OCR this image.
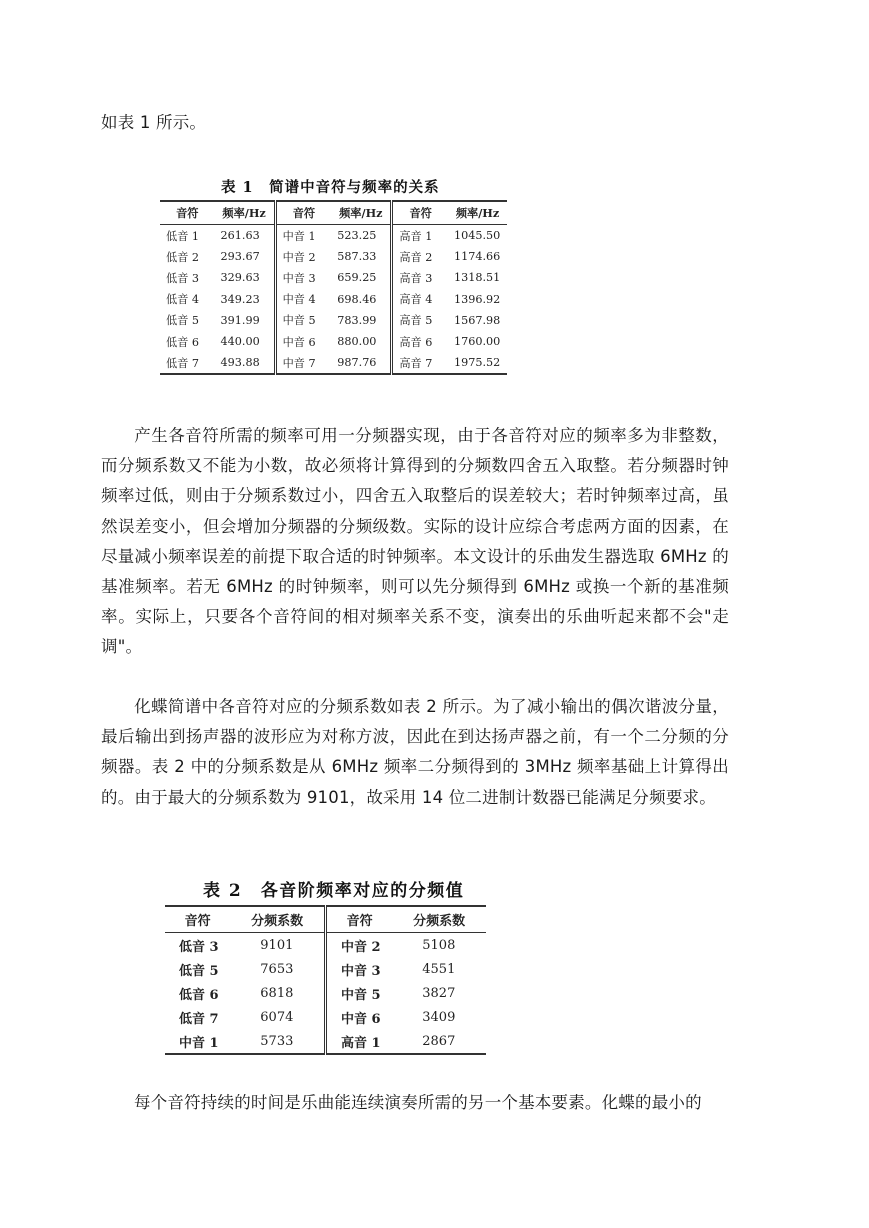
如表 1 所示。
表 1　简谱中音符与频率的关系
音符	频率/Hz	音符	频率/Hz	音符	频率/Hz
低音 1	261.63	中音 1	523.25	高音 1	1045.50
低音 2	293.67	中音 2	587.33	高音 2	1174.66
低音 3	329.63	中音 3	659.25	高音 3	1318.51
低音 4	349.23	中音 4	698.46	高音 4	1396.92
低音 5	391.99	中音 5	783.99	高音 5	1567.98
低音 6	440.00	中音 6	880.00	高音 6	1760.00
低音 7	493.88	中音 7	987.76	高音 7	1975.52
产生各音符所需的频率可用一分频器实现，由于各音符对应的频率多为非整数，而分频系数又不能为小数，故必须将计算得到的分频数四舍五入取整。若分频器时钟频率过低，则由于分频系数过小，四舍五入取整后的误差较大；若时钟频率过高，虽然误差变小，但会增加分频器的分频级数。实际的设计应综合考虑两方面的因素，在尽量减小频率误差的前提下取合适的时钟频率。本文设计的乐曲发生器选取 6MHz 的基准频率。若无 6MHz 的时钟频率，则可以先分频得到 6MHz 或换一个新的基准频率。实际上，只要各个音符间的相对频率关系不变，演奏出的乐曲听起来都不会"走调"。
化蝶简谱中各音符对应的分频系数如表 2 所示。为了减小输出的偶次谐波分量，最后输出到扬声器的波形应为对称方波，因此在到达扬声器之前，有一个二分频的分频器。表 2 中的分频系数是从 6MHz 频率二分频得到的 3MHz 频率基础上计算得出的。由于最大的分频系数为 9101，故采用 14 位二进制计数器已能满足分频要求。
表 2　各音阶频率对应的分频值
音符	分频系数	音符	分频系数
低音 3	9101	中音 2	5108
低音 5	7653	中音 3	4551
低音 6	6818	中音 5	3827
低音 7	6074	中音 6	3409
中音 1	5733	高音 1	2867
每个音符持续的时间是乐曲能连续演奏所需的另一个基本要素。化蝶的最小的
